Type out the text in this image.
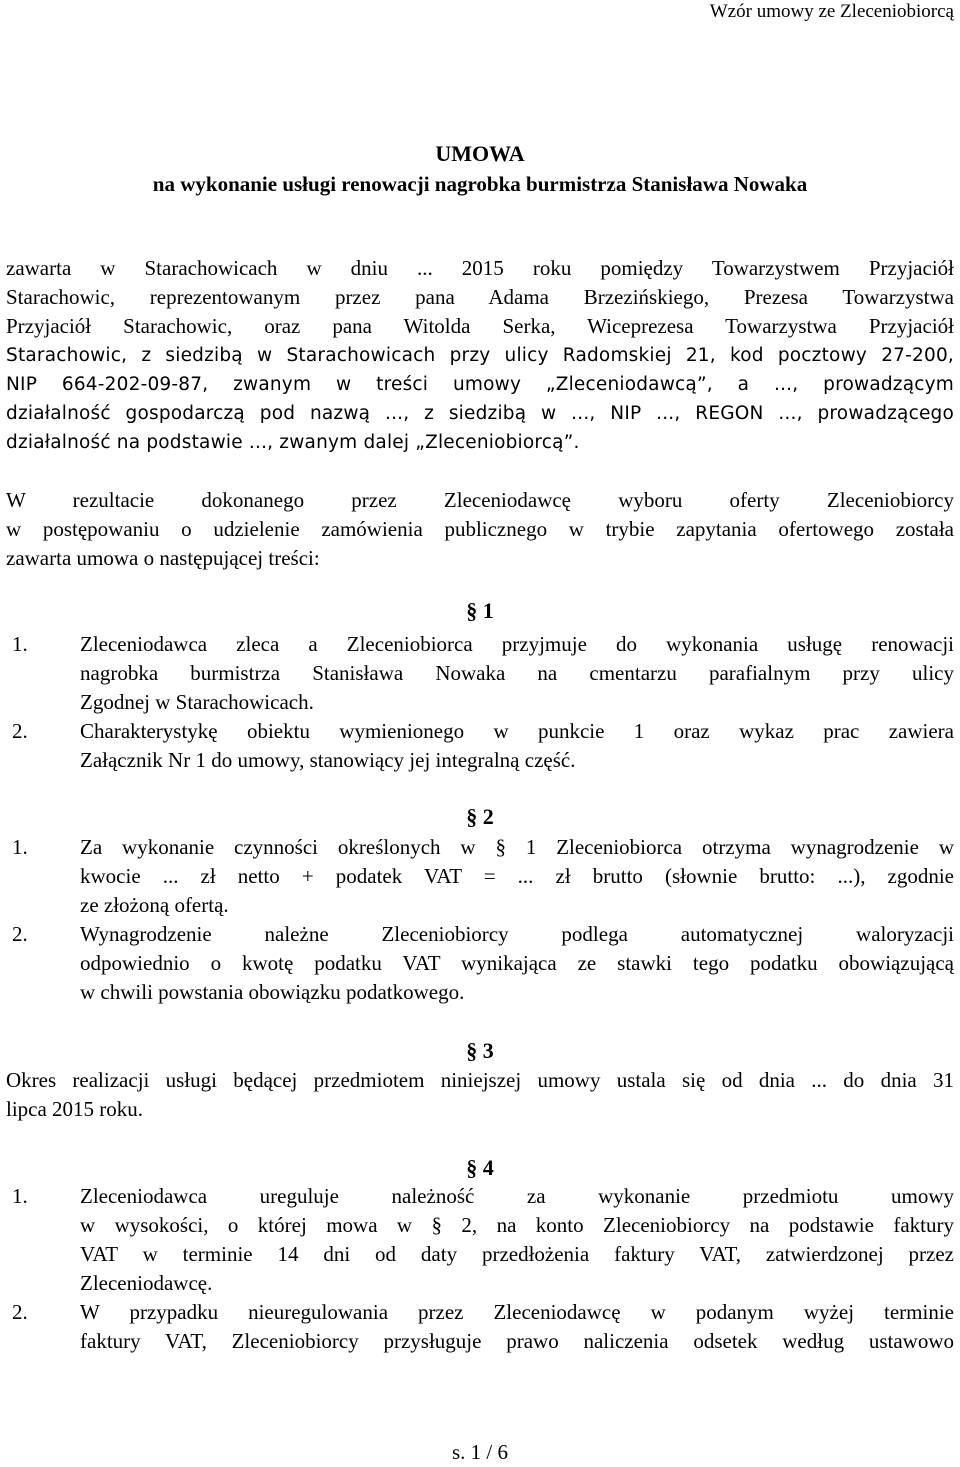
Wzór umowy ze Zleceniobiorcą
UMOWA
na wykonanie usługi renowacji nagrobka burmistrza Stanisława Nowaka
zawarta w Starachowicach w dniu ... 2015 roku pomiędzy Towarzystwem Przyjaciół
Starachowic, reprezentowanym przez pana Adama Brzezińskiego, Prezesa Towarzystwa
Przyjaciół Starachowic, oraz pana Witolda Serka, Wiceprezesa Towarzystwa Przyjaciół
Starachowic, z siedzibą w Starachowicach przy ulicy Radomskiej 21, kod pocztowy 27-200,
NIP 664-202-09-87, zwanym w treści umowy „Zleceniodawcą”, a ..., prowadzącym
działalność gospodarczą pod nazwą ..., z siedzibą w ..., NIP ..., REGON ..., prowadzącego
działalność na podstawie ..., zwanym dalej „Zleceniobiorcą”.
W rezultacie dokonanego przez Zleceniodawcę wyboru oferty Zleceniobiorcy
w postępowaniu o udzielenie zamówienia publicznego w trybie zapytania ofertowego została
zawarta umowa o następującej treści:
§ 1
1.	Zleceniodawca zleca a Zleceniobiorca przyjmuje do wykonania usługę renowacji
nagrobka burmistrza Stanisława Nowaka na cmentarzu parafialnym przy ulicy
Zgodnej w Starachowicach.
2.	Charakterystykę obiektu wymienionego w punkcie 1 oraz wykaz prac zawiera
Załącznik Nr 1 do umowy, stanowiący jej integralną część.
§ 2
1.	Za wykonanie czynności określonych w § 1 Zleceniobiorca otrzyma wynagrodzenie w
kwocie ... zł netto + podatek VAT = ... zł brutto (słownie brutto: ...), zgodnie
ze złożoną ofertą.
2.	Wynagrodzenie należne Zleceniobiorcy podlega automatycznej waloryzacji
odpowiednio o kwotę podatku VAT wynikająca ze stawki tego podatku obowiązującą
w chwili powstania obowiązku podatkowego.
§ 3
Okres realizacji usługi będącej przedmiotem niniejszej umowy ustala się od dnia ... do dnia 31
lipca 2015 roku.
§ 4
1.	Zleceniodawca ureguluje należność za wykonanie przedmiotu umowy
w wysokości, o której mowa w § 2, na konto Zleceniobiorcy na podstawie faktury
VAT w terminie 14 dni od daty przedłożenia faktury VAT, zatwierdzonej przez
Zleceniodawcę.
2.	W przypadku nieuregulowania przez Zleceniodawcę w podanym wyżej terminie
faktury VAT, Zleceniobiorcy przysługuje prawo naliczenia odsetek według ustawowo
s. 1 / 6
